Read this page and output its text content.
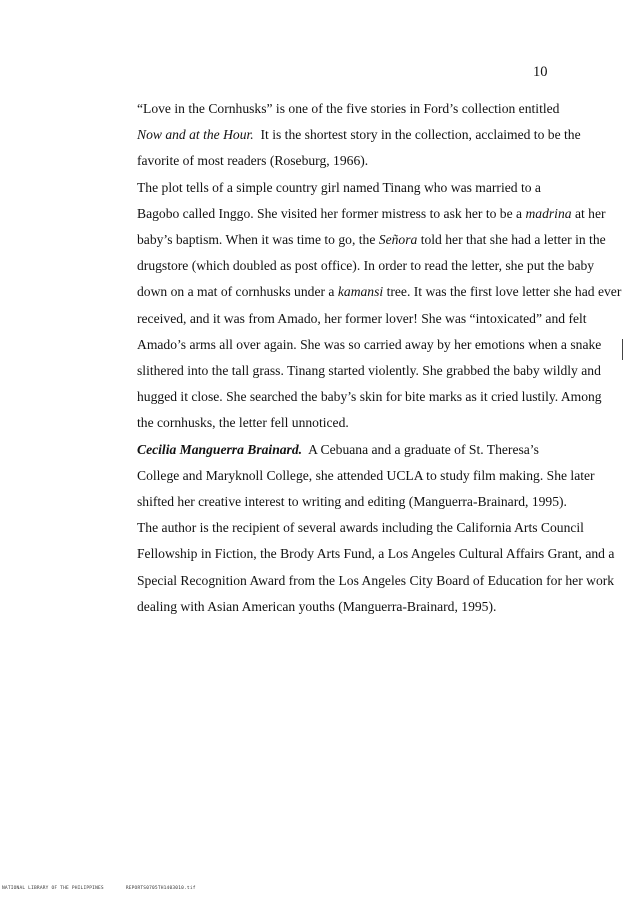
10

“Love in the Cornhusks” is one of the five stories in Ford’s collection entitled
Now and at the Hour. It is the shortest story in the collection, acclaimed to be the
favorite of most readers (Roseburg, 1966).

The plot tells of a simple country girl named Tinang who was married to a
Bagobo called Inggo. She visited her former mistress to ask her to be a madrina at her
baby’s baptism. When it was time to go, the Señora told her that she had a letter in the
drugstore (which doubled as post office). In order to read the letter, she put the baby
down on a mat of cornhusks under a kamansi tree. It was the first love letter she had ever
received, and it was from Amado, her former lover! She was “intoxicated” and felt
Amado’s arms all over again. She was so carried away by her emotions when a snake
slithered into the tall grass. Tinang started violently. She grabbed the baby wildly and
hugged it close. She searched the baby’s skin for bite marks as it cried lustily. Among
the cornhusks, the letter fell unnoticed.

Cecilia Manguerra Brainard. A Cebuana and a graduate of St. Theresa’s
College and Maryknoll College, she attended UCLA to study film making. She later
shifted her creative interest to writing and editing (Manguerra-Brainard, 1995).

The author is the recipient of several awards including the California Arts Council
Fellowship in Fiction, the Brody Arts Fund, a Los Angeles Cultural Affairs Grant, and a
Special Recognition Award from the Los Angeles City Board of Education for her work
dealing with Asian American youths (Manguerra-Brainard, 1995).

NATIONAL LIBRARY OF THE PHILIPPINES	REPORTS0705TH1403010.tif
